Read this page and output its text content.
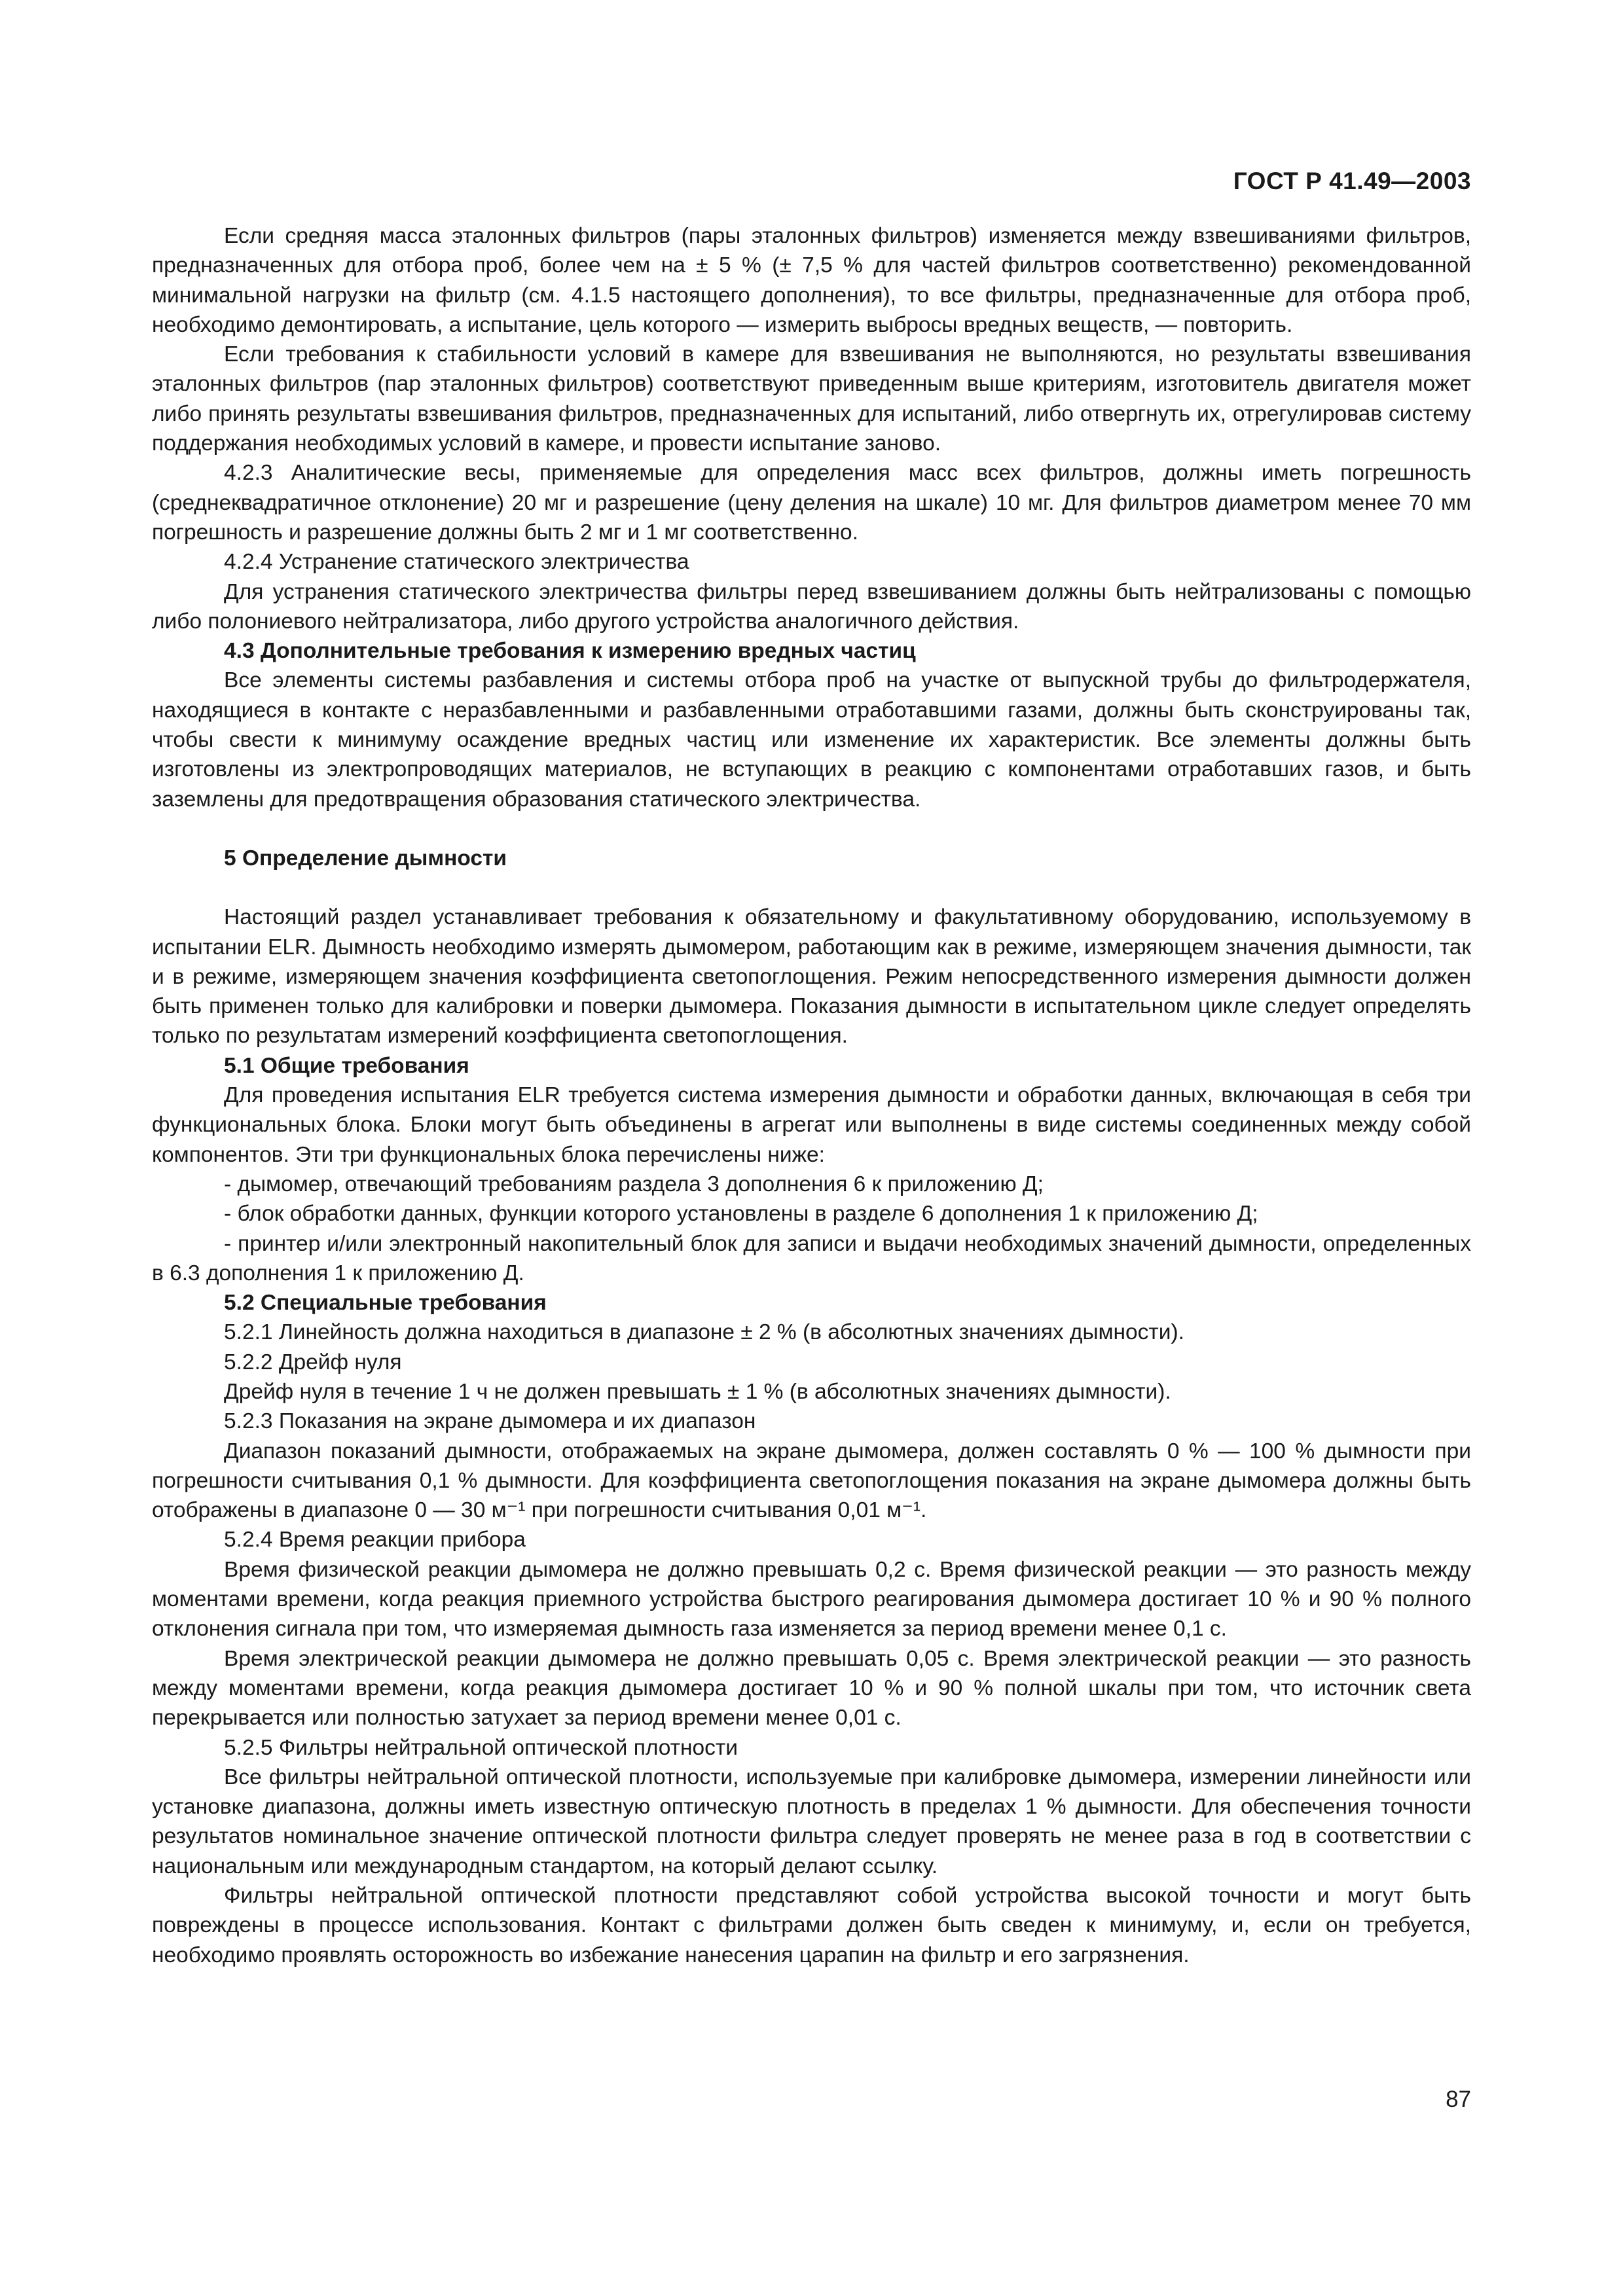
ГОСТ Р 41.49—2003

Если средняя масса эталонных фильтров (пары эталонных фильтров) изменяется между взвешиваниями фильтров, предназначенных для отбора проб, более чем на ± 5 % (± 7,5 % для частей фильтров соответственно) рекомендованной минимальной нагрузки на фильтр (см. 4.1.5 настоящего дополнения), то все фильтры, предназначенные для отбора проб, необходимо демонтировать, а испытание, цель которого — измерить выбросы вредных веществ, — повторить.

Если требования к стабильности условий в камере для взвешивания не выполняются, но результаты взвешивания эталонных фильтров (пар эталонных фильтров) соответствуют приведенным выше критериям, изготовитель двигателя может либо принять результаты взвешивания фильтров, предназначенных для испытаний, либо отвергнуть их, отрегулировав систему поддержания необходимых условий в камере, и провести испытание заново.

4.2.3 Аналитические весы, применяемые для определения масс всех фильтров, должны иметь погрешность (среднеквадратичное отклонение) 20 мг и разрешение (цену деления на шкале) 10 мг. Для фильтров диаметром менее 70 мм погрешность и разрешение должны быть 2 мг и 1 мг соответственно.

4.2.4 Устранение статического электричества

Для устранения статического электричества фильтры перед взвешиванием должны быть нейтрализованы с помощью либо полониевого нейтрализатора, либо другого устройства аналогичного действия.

4.3 Дополнительные требования к измерению вредных частиц

Все элементы системы разбавления и системы отбора проб на участке от выпускной трубы до фильтродержателя, находящиеся в контакте с неразбавленными и разбавленными отработавшими газами, должны быть сконструированы так, чтобы свести к минимуму осаждение вредных частиц или изменение их характеристик. Все элементы должны быть изготовлены из электропроводящих материалов, не вступающих в реакцию с компонентами отработавших газов, и быть заземлены для предотвращения образования статического электричества.

5 Определение дымности

Настоящий раздел устанавливает требования к обязательному и факультативному оборудованию, используемому в испытании ELR. Дымность необходимо измерять дымомером, работающим как в режиме, измеряющем значения дымности, так и в режиме, измеряющем значения коэффициента светопоглощения. Режим непосредственного измерения дымности должен быть применен только для калибровки и поверки дымомера. Показания дымности в испытательном цикле следует определять только по результатам измерений коэффициента светопоглощения.

5.1 Общие требования

Для проведения испытания ELR требуется система измерения дымности и обработки данных, включающая в себя три функциональных блока. Блоки могут быть объединены в агрегат или выполнены в виде системы соединенных между собой компонентов. Эти три функциональных блока перечислены ниже:

- дымомер, отвечающий требованиям раздела 3 дополнения 6 к приложению Д;

- блок обработки данных, функции которого установлены в разделе 6 дополнения 1 к приложению Д;

- принтер и/или электронный накопительный блок для записи и выдачи необходимых значений дымности, определенных в 6.3 дополнения 1 к приложению Д.

5.2 Специальные требования

5.2.1 Линейность должна находиться в диапазоне ± 2 % (в абсолютных значениях дымности).

5.2.2 Дрейф нуля

Дрейф нуля в течение 1 ч не должен превышать ± 1 % (в абсолютных значениях дымности).

5.2.3 Показания на экране дымомера и их диапазон

Диапазон показаний дымности, отображаемых на экране дымомера, должен составлять 0 % — 100 % дымности при погрешности считывания 0,1 % дымности. Для коэффициента светопоглощения показания на экране дымомера должны быть отображены в диапазоне 0 — 30 м⁻¹ при погрешности считывания 0,01 м⁻¹.

5.2.4 Время реакции прибора

Время физической реакции дымомера не должно превышать 0,2 с. Время физической реакции — это разность между моментами времени, когда реакция приемного устройства быстрого реагирования дымомера достигает 10 % и 90 % полного отклонения сигнала при том, что измеряемая дымность газа изменяется за период времени менее 0,1 с.

Время электрической реакции дымомера не должно превышать 0,05 с. Время электрической реакции — это разность между моментами времени, когда реакция дымомера достигает 10 % и 90 % полной шкалы при том, что источник света перекрывается или полностью затухает за период времени менее 0,01 с.

5.2.5 Фильтры нейтральной оптической плотности

Все фильтры нейтральной оптической плотности, используемые при калибровке дымомера, измерении линейности или установке диапазона, должны иметь известную оптическую плотность в пределах 1 % дымности. Для обеспечения точности результатов номинальное значение оптической плотности фильтра следует проверять не менее раза в год в соответствии с национальным или международным стандартом, на который делают ссылку.

Фильтры нейтральной оптической плотности представляют собой устройства высокой точности и могут быть повреждены в процессе использования. Контакт с фильтрами должен быть сведен к минимуму, и, если он требуется, необходимо проявлять осторожность во избежание нанесения царапин на фильтр и его загрязнения.

87
